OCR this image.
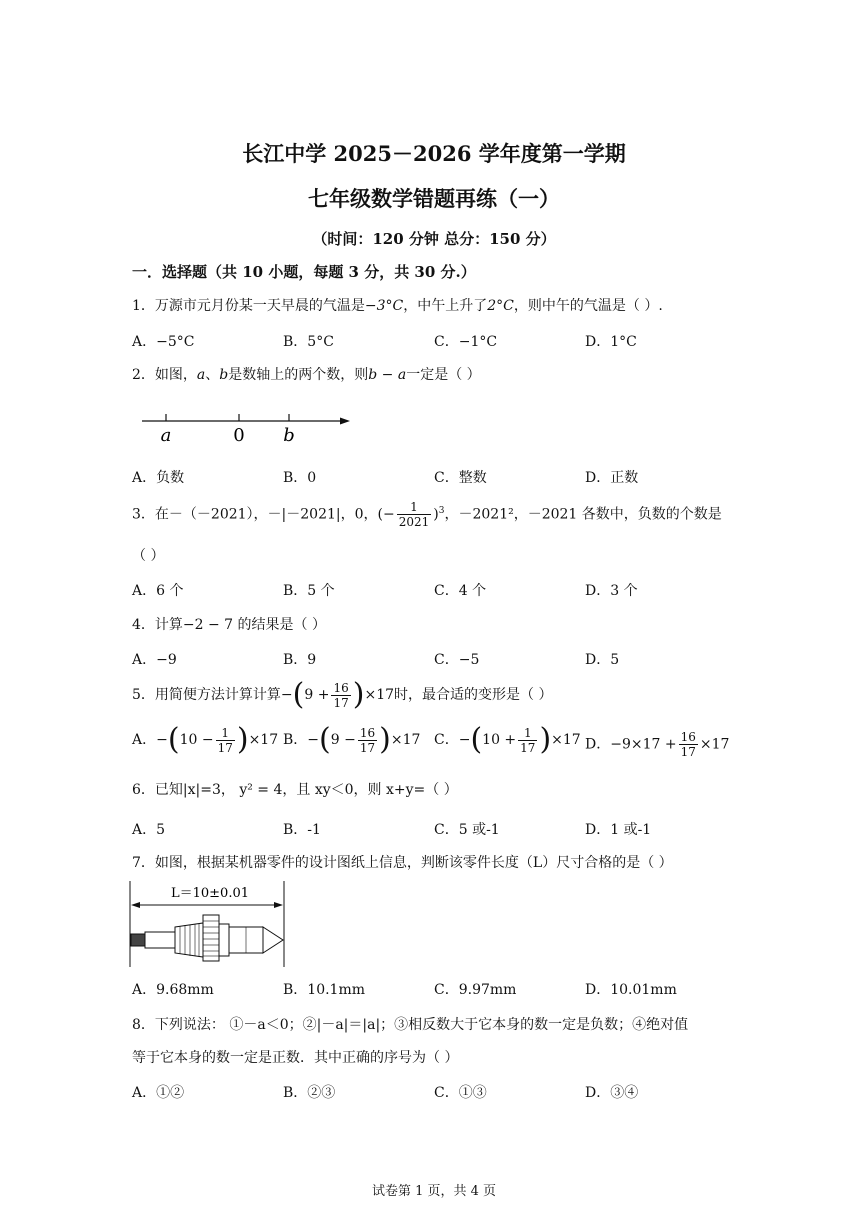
长江中学 2025－2026 学年度第一学期
七年级数学错题再练（一）
（时间：120 分钟 总分：150 分）
一．选择题（共 10 小题，每题 3 分，共 30 分.）
1．万源市元月份某一天早晨的气温是−3°C，中午上升了2°C，则中午的气温是（ ）.
A．−5°C	B．5°C	C．−1°C	D．1°C
2．如图，a、b是数轴上的两个数，则b − a一定是（ ）
a	0 b
A．负数	B．0	C．整数	D．正数
3．在－（－2021），－|－2021|，0，(− $\frac{1}{2021} )^3$，－2021²，－2021 各数中，负数的个数是
（ ）
A．6 个	B．5 个	C．4 个	D．3 个
4．计算−2 − 7 的结果是（ ）
A．−9	B．9	C．−5	D．5
5．用简便方法计算计算$-(9 + \frac{16}{17} )\times 17$时，最合适的变形是（ ）
A．$-(10 - \frac{1}{17} )\times 17$ B．$-(9 - \frac{16}{17} )\times 17$ C．$-(10 + \frac{1}{17} )\times 17$ D．$-9\times 17 + \frac{16}{17} \times 17$
6．已知|x|=3， y² = 4，且 xy＜0，则 x+y=（ ）
A．5	B．-1	C．5 或-1	D．1 或-1
7．如图，根据某机器零件的设计图纸上信息，判断该零件长度（L）尺寸合格的是（ ）
L＝10±0.01
A．9.68mm	B．10.1mm	C．9.97mm	D．10.01mm
8．下列说法： ①－a＜0；②|－a|＝|a|；③相反数大于它本身的数一定是负数；④绝对值
等于它本身的数一定是正数．其中正确的序号为（ ）
A．①②	B．②③	C．①③	D．③④
试卷第 1 页，共 4 页
